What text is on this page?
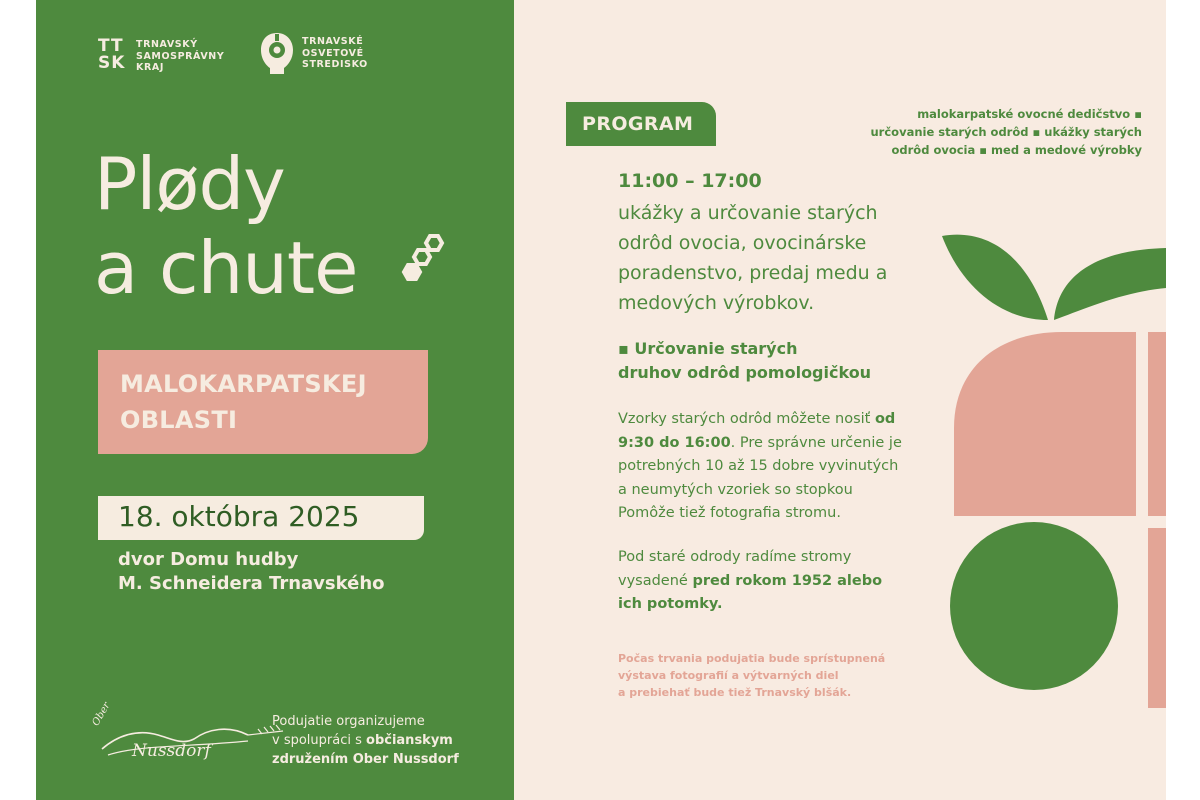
TT
SK
TRNAVSKÝ
SAMOSPRÁVNY
KRAJ
TRNAVSKÉ
OSVETOVÉ
STREDISKO
Plødy
a chute
MALOKARPATSKEJ
OBLASTI
18. októbra 2025
dvor Domu hudby
M. Schneidera Trnavského
Ober
Nussdorf
Podujatie organizujeme
v spolupráci s občianskym
združením Ober Nussdorf
PROGRAM	malokarpatské ovocné dedičstvo ▪
určovanie starých odrôd ▪ ukážky starých
odrôd ovocia ▪ med a medové výrobky
11:00 – 17:00
ukážky a určovanie starých
odrôd ovocia, ovocinárske
poradenstvo, predaj medu a
medových výrobkov.
▪ Určovanie starých
druhov odrôd pomologičkou
Vzorky starých odrôd môžete nosiť od
9:30 do 16:00. Pre správne určenie je
potrebných 10 až 15 dobre vyvinutých
a neumytých vzoriek so stopkou
Pomôže tiež fotografia stromu.
Pod staré odrody radíme stromy
vysadené pred rokom 1952 alebo
ich potomky.
Počas trvania podujatia bude sprístupnená
výstava fotografií a výtvarných diel
a prebiehať bude tiež Trnavský blšák.
